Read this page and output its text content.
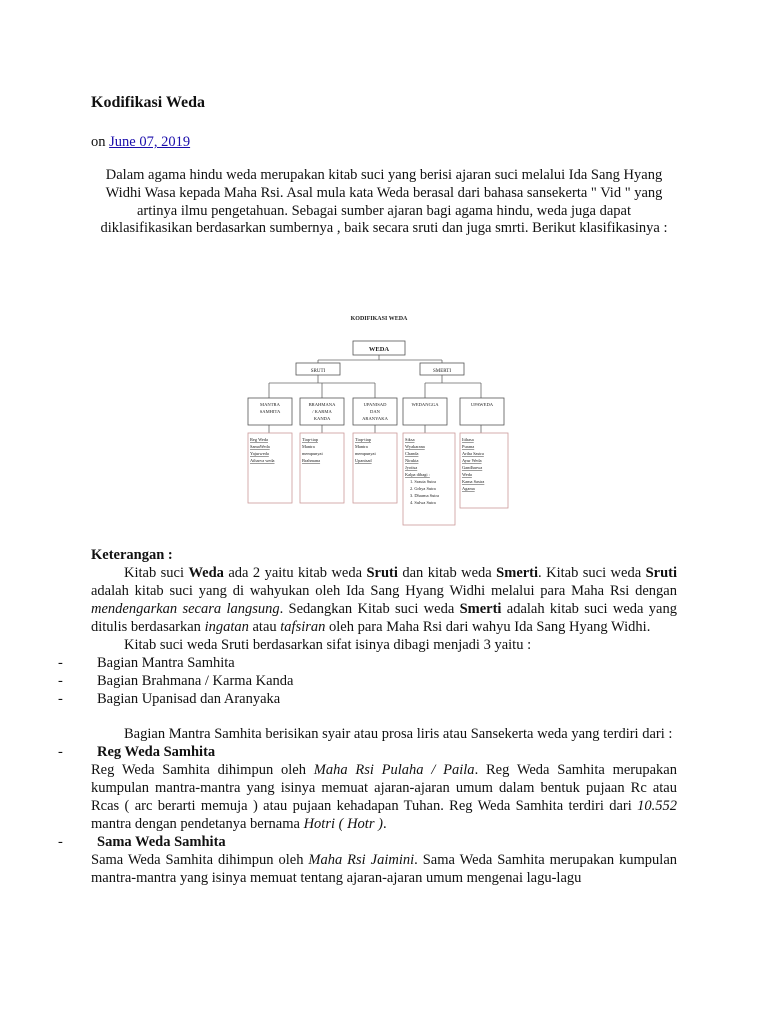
Kodifikasi Weda
on June 07, 2019

Dalam agama hindu weda merupakan kitab suci yang berisi ajaran suci melalui Ida Sang Hyang Widhi Wasa kepada Maha Rsi. Asal mula kata Weda berasal dari bahasa sansekerta " Vid " yang artinya ilmu pengetahuan. Sebagai sumber ajaran bagi agama hindu, weda juga dapat diklasifikasikan berdasarkan sumbernya , baik secara sruti dan juga smrti. Berikut klasifikasinya :

KODIFIKASI WEDA
WEDA
SRUTI	SMERTI
MANTRA
SAMHITA
BRAHMANA
/ KARMA
KANDA
UPANISAD
DAN
ARANYAKA
WEDANGGA	UPAWEDA
Reg Weda
SamaWeda
Yajurweda
Atharva weda
Tiap-tiap
Mantra
mempunyai
Brahmana
Tiap-tiap
Mantra
mempunyai
Upanisad
Siksa
Wyakarana
Chanda
Nirukta
Jyotisa
Kalpa dibagi :
1. Srauta Sutra
2. Grhya Sutra
3. Dharma Sutra
4. Sulwa Sutra
Itihasa
Purana
Artha Sastra
Ayur Weda
Gandharwa
Weda
Kama Sastra
Agama

Keterangan :

Kitab suci Weda ada 2 yaitu kitab weda Sruti dan kitab weda Smerti. Kitab suci weda Sruti adalah kitab suci yang di wahyukan oleh Ida Sang Hyang Widhi melalui para Maha Rsi dengan mendengarkan secara langsung. Sedangkan Kitab suci weda Smerti adalah kitab suci weda yang ditulis berdasarkan ingatan atau tafsiran oleh para Maha Rsi dari wahyu Ida Sang Hyang Widhi.

Kitab suci weda Sruti berdasarkan sifat isinya dibagi menjadi 3 yaitu :

- Bagian Mantra Samhita

- Bagian Brahmana / Karma Kanda

- Bagian Upanisad dan Aranyaka

Bagian Mantra Samhita berisikan syair atau prosa liris atau Sansekerta weda yang terdiri dari :

- Reg Weda Samhita

Reg Weda Samhita dihimpun oleh Maha Rsi Pulaha / Paila. Reg Weda Samhita merupakan kumpulan mantra-mantra yang isinya memuat ajaran-ajaran umum dalam bentuk pujaan Rc atau Rcas ( arc berarti memuja ) atau pujaan kehadapan Tuhan. Reg Weda Samhita terdiri dari 10.552 mantra dengan pendetanya bernama Hotri ( Hotr ).

- Sama Weda Samhita

Sama Weda Samhita dihimpun oleh Maha Rsi Jaimini. Sama Weda Samhita merupakan kumpulan mantra-mantra yang isinya memuat tentang ajaran-ajaran umum mengenai lagu-lagu
